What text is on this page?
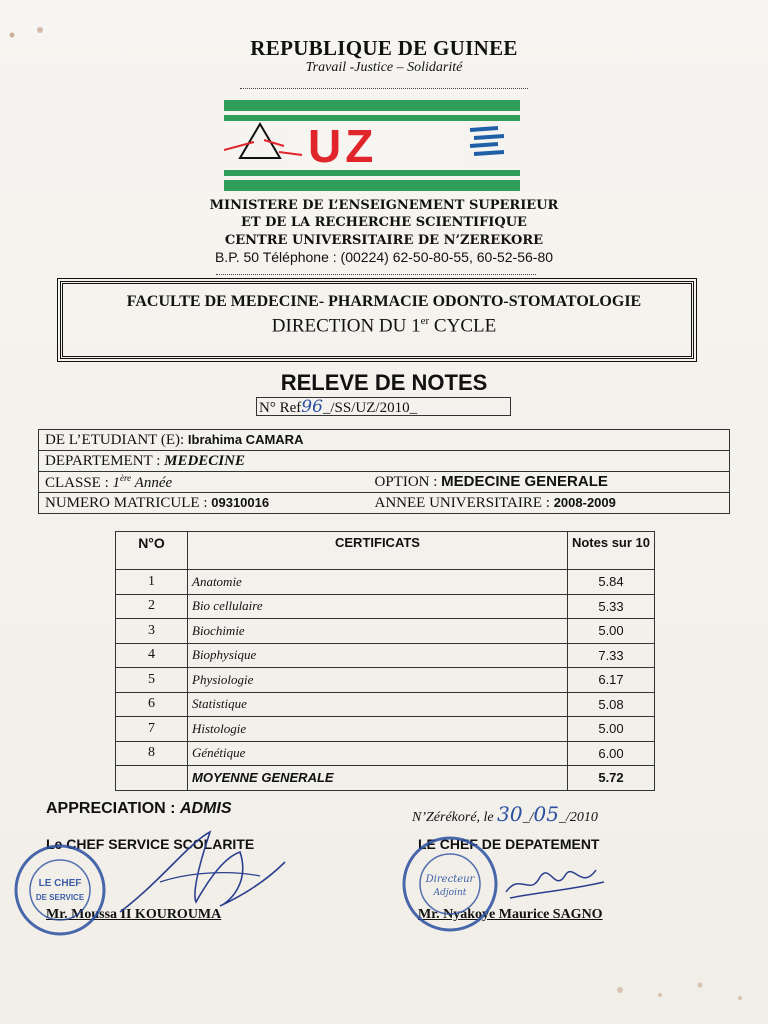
REPUBLIQUE DE GUINEE
Travail -Justice – Solidarité
UZ
MINISTERE DE L’ENSEIGNEMENT SUPERIEUR
ET DE LA RECHERCHE SCIENTIFIQUE
CENTRE UNIVERSITAIRE DE N’ZEREKORE
B.P. 50 Téléphone : (00224) 62-50-80-55, 60-52-56-80
FACULTE DE MEDECINE- PHARMACIE ODONTO-STOMATOLOGIE
DIRECTION DU 1er CYCLE
RELEVE DE NOTES
N° Ref96_/SS/UZ/2010_
DE L’ETUDIANT (E): Ibrahima CAMARA	
DEPARTEMENT : MEDECINE	
CLASSE : 1ère Année	OPTION : MEDECINE GENERALE
NUMERO MATRICULE : 09310016	ANNEE UNIVERSITAIRE : 2008-2009
N°O	CERTIFICATS	Notes sur 10
1	Anatomie	5.84
2	Bio cellulaire	5.33
3	Biochimie	5.00
4	Biophysique	7.33
5	Physiologie	6.17
6	Statistique	5.08
7	Histologie	5.00
8	Génétique	6.00
	MOYENNE GENERALE	5.72
APPRECIATION : ADMIS
N’Zérékoré, le 30_/05_/2010
Le CHEF SERVICE SCOLARITE
Mr. Moussa II KOUROUMA
LE CHEF DE DEPATEMENT
Mr. Nyakoye Maurice SAGNO
LE CHEF
DE SERVICE
Directeur
Adjoint
